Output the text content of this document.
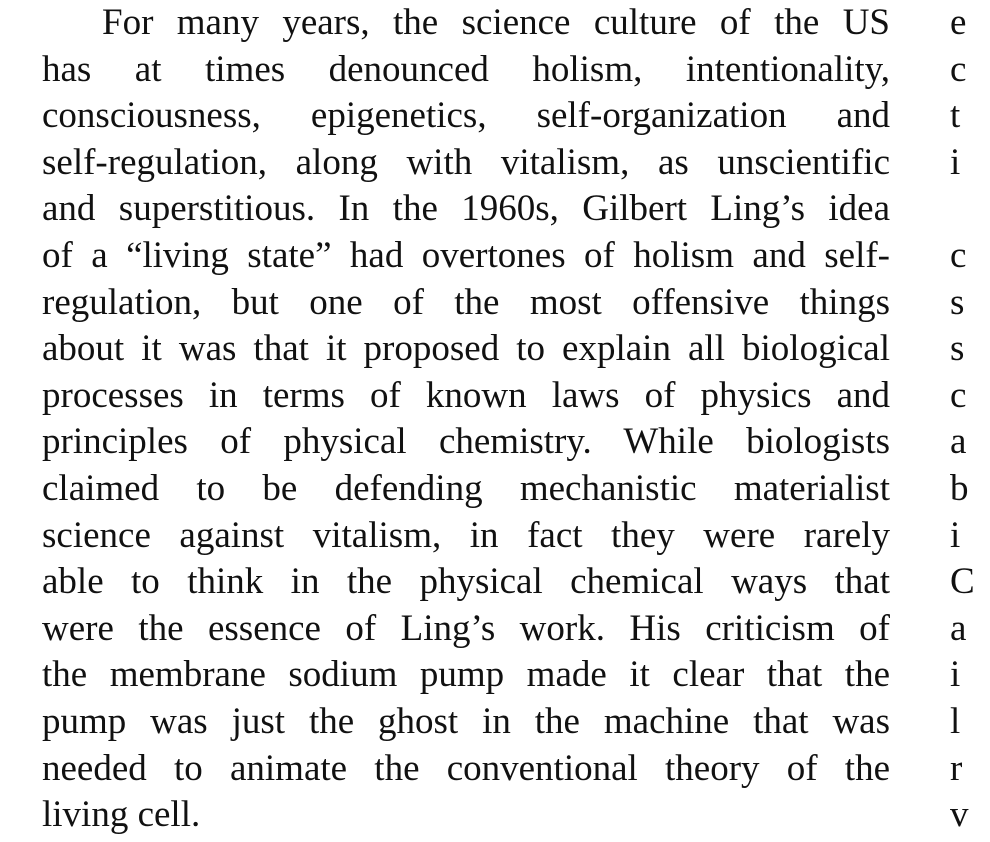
For many years, the science culture of the US
has at times denounced holism, intentionality,
consciousness, epigenetics, self-organization and
self-regulation, along with vitalism, as unscientific
and superstitious. In the 1960s, Gilbert Ling’s idea
of a “living state” had overtones of holism and self-
regulation, but one of the most offensive things
about it was that it proposed to explain all biological
processes in terms of known laws of physics and
principles of physical chemistry. While biologists
claimed to be defending mechanistic materialist
science against vitalism, in fact they were rarely
able to think in the physical chemical ways that
were the essence of Ling’s work. His criticism of
the membrane sodium pump made it clear that the
pump was just the ghost in the machine that was
needed to animate the conventional theory of the
living cell.
e
c
t
i
c
s
s
c
a
b
i
C
a
i
l
r
v
